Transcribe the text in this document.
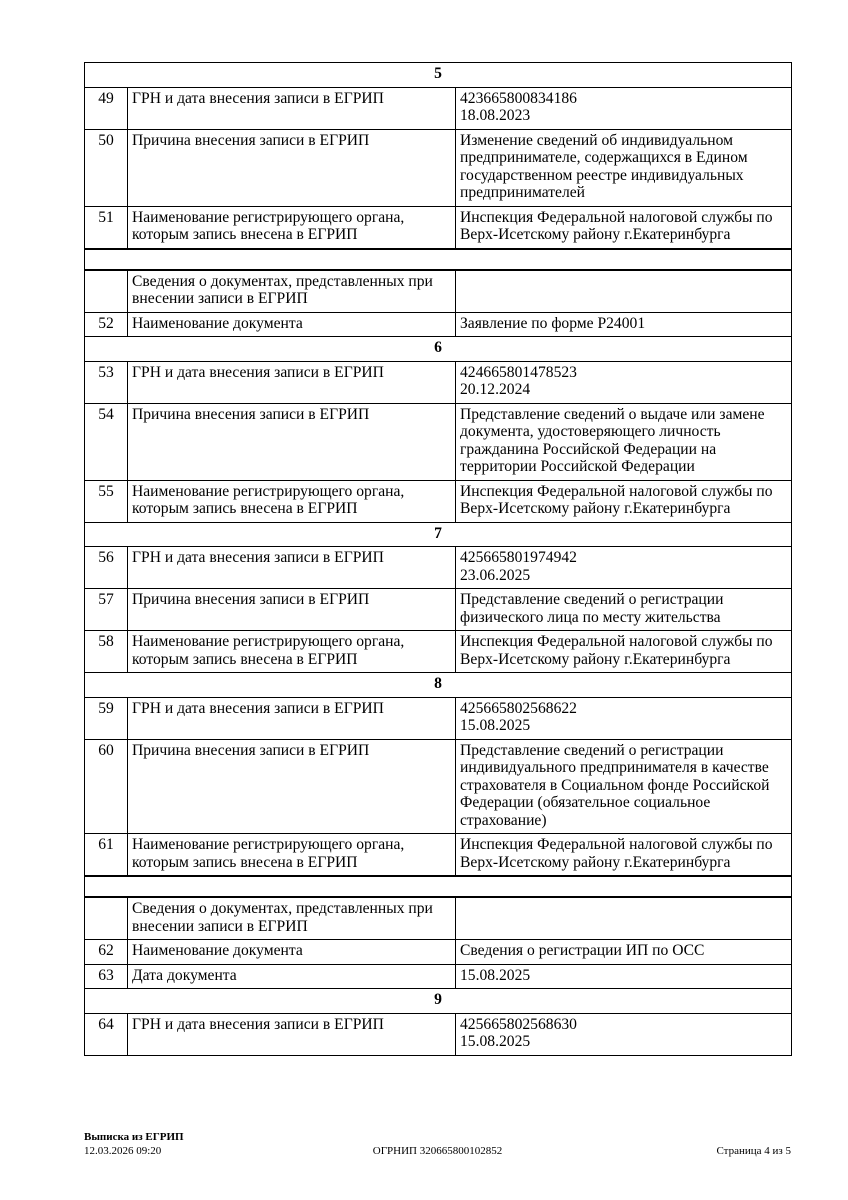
5		
49	ГРН и дата внесения записи в ЕГРИП	423665800834186
18.08.2023
50	Причина внесения записи в ЕГРИП	Изменение сведений об индивидуальном предпринимателе, содержащихся в Едином государственном реестре индивидуальных предпринимателей
51	Наименование регистрирующего органа, которым запись внесена в ЕГРИП	Инспекция Федеральной налоговой службы по Верх-Исетскому району г.Екатеринбурга

	Сведения о документах, представленных при внесении записи в ЕГРИП	
52	Наименование документа	Заявление по форме Р24001
6		
53	ГРН и дата внесения записи в ЕГРИП	424665801478523
20.12.2024
54	Причина внесения записи в ЕГРИП	Представление сведений о выдаче или замене документа, удостоверяющего личность гражданина Российской Федерации на территории Российской Федерации
55	Наименование регистрирующего органа, которым запись внесена в ЕГРИП	Инспекция Федеральной налоговой службы по Верх-Исетскому району г.Екатеринбурга
7		
56	ГРН и дата внесения записи в ЕГРИП	425665801974942
23.06.2025
57	Причина внесения записи в ЕГРИП	Представление сведений о регистрации физического лица по месту жительства
58	Наименование регистрирующего органа, которым запись внесена в ЕГРИП	Инспекция Федеральной налоговой службы по Верх-Исетскому району г.Екатеринбурга
8		
59	ГРН и дата внесения записи в ЕГРИП	425665802568622
15.08.2025
60	Причина внесения записи в ЕГРИП	Представление сведений о регистрации индивидуального предпринимателя в качестве страхователя в Социальном фонде Российской Федерации (обязательное социальное страхование)
61	Наименование регистрирующего органа, которым запись внесена в ЕГРИП	Инспекция Федеральной налоговой службы по Верх-Исетскому району г.Екатеринбурга

	Сведения о документах, представленных при внесении записи в ЕГРИП	
62	Наименование документа	Сведения о регистрации ИП по ОСС
63	Дата документа	15.08.2025
9		
64	ГРН и дата внесения записи в ЕГРИП	425665802568630
15.08.2025
Выписка из ЕГРИП
12.03.2026 09:20	ОГРНИП 320665800102852	Страница 4 из 5
